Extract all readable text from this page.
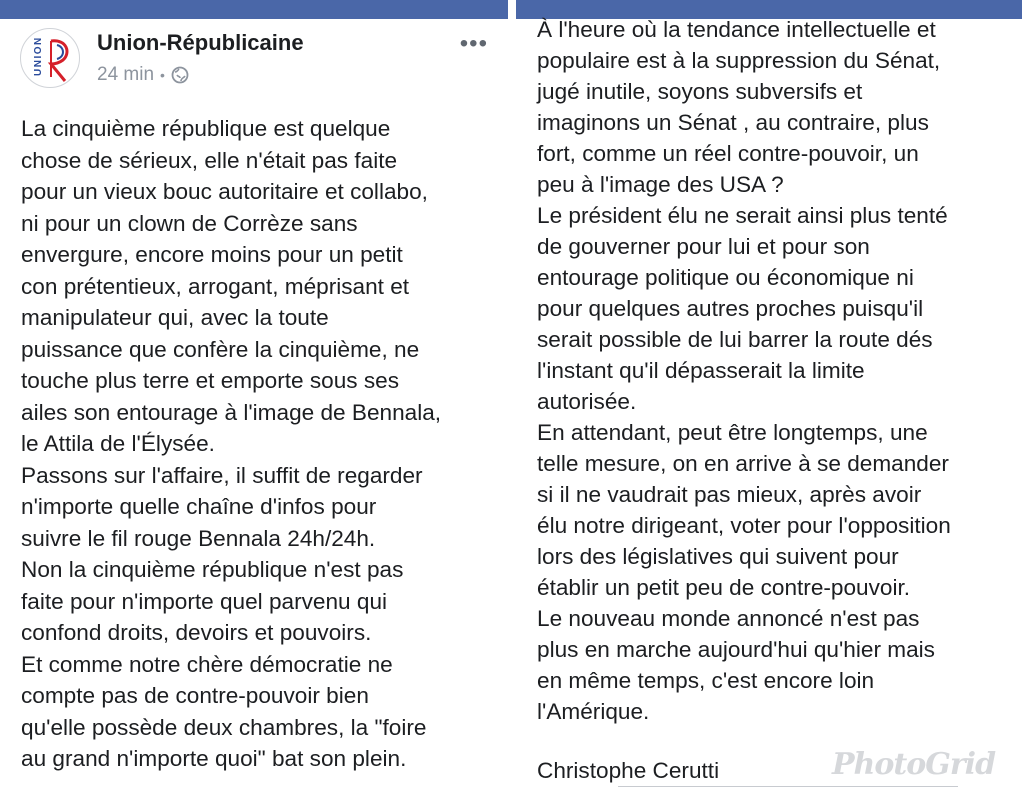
UNION Union-Républicaine
24 min •
•••

La cinquième république est quelque
chose de sérieux, elle n'était pas faite
pour un vieux bouc autoritaire et collabo,
ni pour un clown de Corrèze sans
envergure, encore moins pour un petit
con prétentieux, arrogant, méprisant et
manipulateur qui, avec la toute
puissance que confère la cinquième, ne
touche plus terre et emporte sous ses
ailes son entourage à l'image de Bennala,
le Attila de l'Élysée.
Passons sur l'affaire, il suffit de regarder
n'importe quelle chaîne d'infos pour
suivre le fil rouge Bennala 24h/24h.
Non la cinquième république n'est pas
faite pour n'importe quel parvenu qui
confond droits, devoirs et pouvoirs.
Et comme notre chère démocratie ne
compte pas de contre-pouvoir bien
qu'elle possède deux chambres, la "foire
au grand n'importe quoi" bat son plein.

À l'heure où la tendance intellectuelle et
populaire est à la suppression du Sénat,
jugé inutile, soyons subversifs et
imaginons un Sénat , au contraire, plus
fort, comme un réel contre-pouvoir, un
peu à l'image des USA ?
Le président élu ne serait ainsi plus tenté
de gouverner pour lui et pour son
entourage politique ou économique ni
pour quelques autres proches puisqu'il
serait possible de lui barrer la route dés
l'instant qu'il dépasserait la limite
autorisée.
En attendant, peut être longtemps, une
telle mesure, on en arrive à se demander
si il ne vaudrait pas mieux, après avoir
élu notre dirigeant, voter pour l'opposition
lors des législatives qui suivent pour
établir un petit peu de contre-pouvoir.
Le nouveau monde annoncé n'est pas
plus en marche aujourd'hui qu'hier mais
en même temps, c'est encore loin
l'Amérique.

Christophe Cerutti	PhotoGrid
